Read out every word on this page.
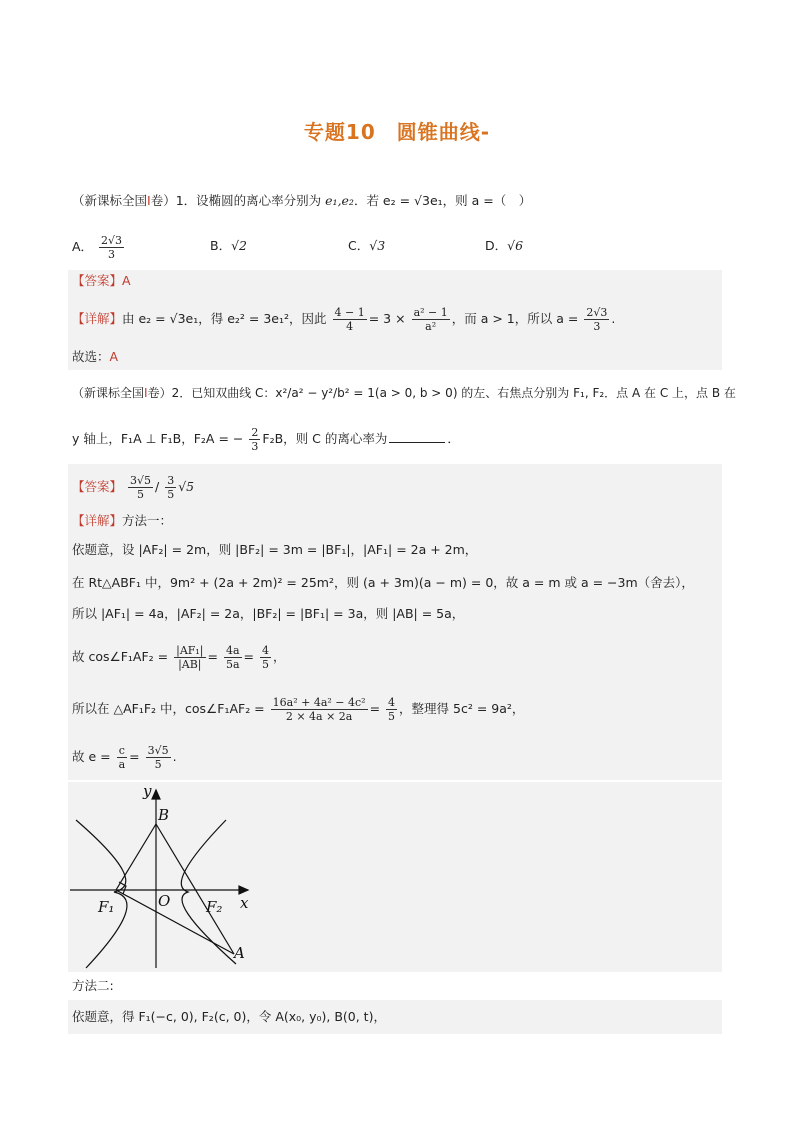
专题10　圆锥曲线-
（新课标全国I卷）1．设椭圆的离心率分别为 e₁,e₂．若 e₂ = √3e₁，则 a =（　）
A． $\frac{2√3}{3}$	B．√2	C．√3	D．√6
【答案】A
【详解】由 e₂ = √3e₁，得 e₂² = 3e₁²，因此 $\frac{4 - 1}{4} = 3 \times \frac{\text{a² − 1}}{\text{a²}}$ ，而 a > 1，所以 $a = \frac{2√3}{3}$ .
故选：A
（新课标全国I卷）2．已知双曲线 C：x²/a² − y²/b² = 1(a > 0, b > 0) 的左、右焦点分别为 F₁, F₂．点 A 在 C 上，点 B 在
y 轴上，F₁A ⊥ F₁B，F₂A = − $\frac{2}{3} F_2B$，则 C 的离心率为	．
【答案】 $\frac{3√5}{5} / \frac{3}{5} √5$
【详解】方法一：
依题意，设 |AF₂| = 2m，则 |BF₂| = 3m = |BF₁|，|AF₁| = 2a + 2m，
在 Rt△ABF₁ 中，9m² + (2a + 2m)² = 25m²，则 (a + 3m)(a − m) = 0，故 a = m 或 a = −3m（舍去），
所以 |AF₁| = 4a，|AF₂| = 2a，|BF₂| = |BF₁| = 3a，则 |AB| = 5a，
故 cos∠F₁AF₂ = $\frac{\text{|AF₁|}}{|AB|} = \frac{4a}{5a} = \frac{4}{5}$ ，
所以在 △AF₁F₂ 中，cos∠F₁AF₂ = $\frac{\text{16a² + 4a² − 4c²}}{2 \times 4a \times 2a} = \frac{4}{5}$ ，整理得 5c² = 9a²，
故 $e = \frac{c}{a} = \frac{3√5}{5}$ .
y
B
O
F₁	F₂ x
A
方法二:
依题意，得 F₁(−c, 0), F₂(c, 0)，令 A(x₀, y₀), B(0, t)，
